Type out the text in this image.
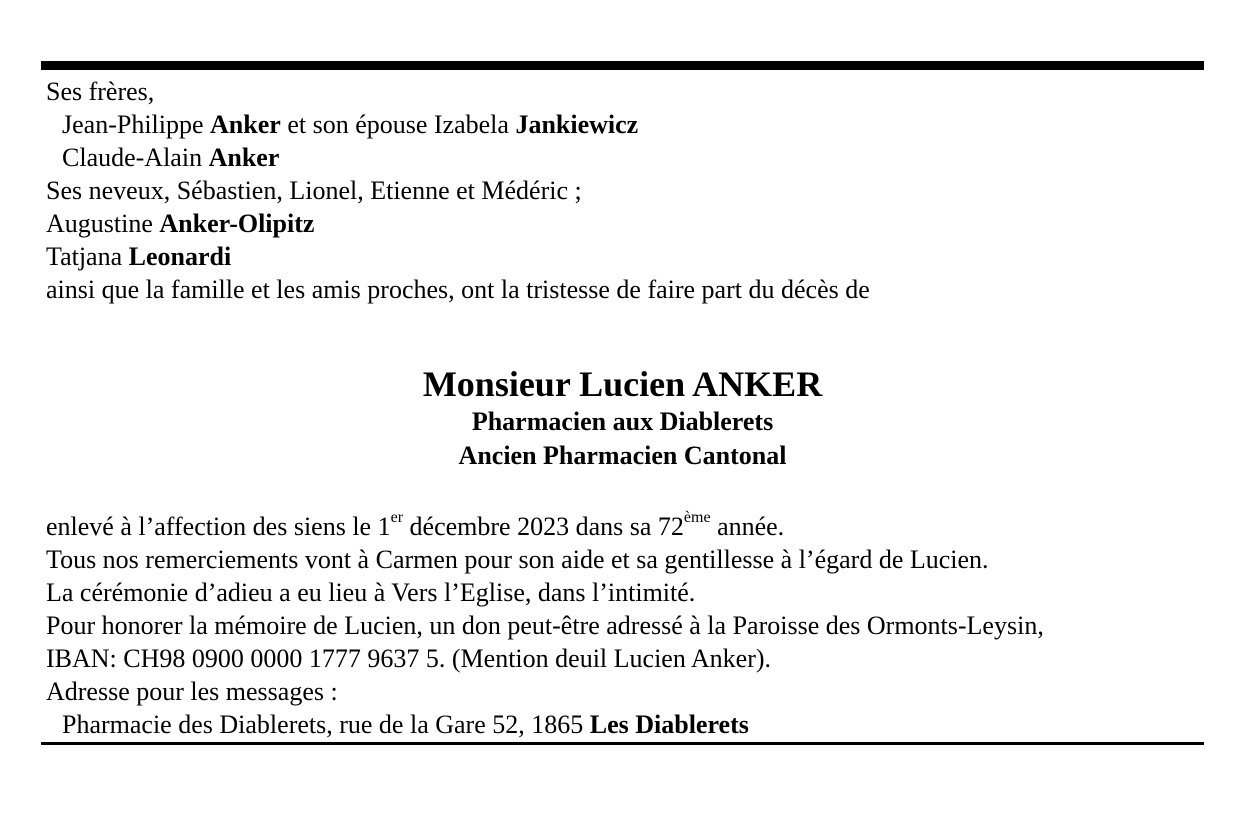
Ses frères,
Jean-Philippe Anker et son épouse Izabela Jankiewicz
Claude-Alain Anker
Ses neveux, Sébastien, Lionel, Etienne et Médéric ;
Augustine Anker-Olipitz
Tatjana Leonardi
ainsi que la famille et les amis proches, ont la tristesse de faire part du décès de
Monsieur Lucien ANKER
Pharmacien aux Diablerets
Ancien Pharmacien Cantonal
enlevé à l’affection des siens le 1er décembre 2023 dans sa 72ème année.
Tous nos remerciements vont à Carmen pour son aide et sa gentillesse à l’égard de Lucien.
La cérémonie d’adieu a eu lieu à Vers l’Eglise, dans l’intimité.
Pour honorer la mémoire de Lucien, un don peut-être adressé à la Paroisse des Ormonts-Leysin,
IBAN: CH98 0900 0000 1777 9637 5. (Mention deuil Lucien Anker).
Adresse pour les messages :
Pharmacie des Diablerets, rue de la Gare 52, 1865 Les Diablerets
